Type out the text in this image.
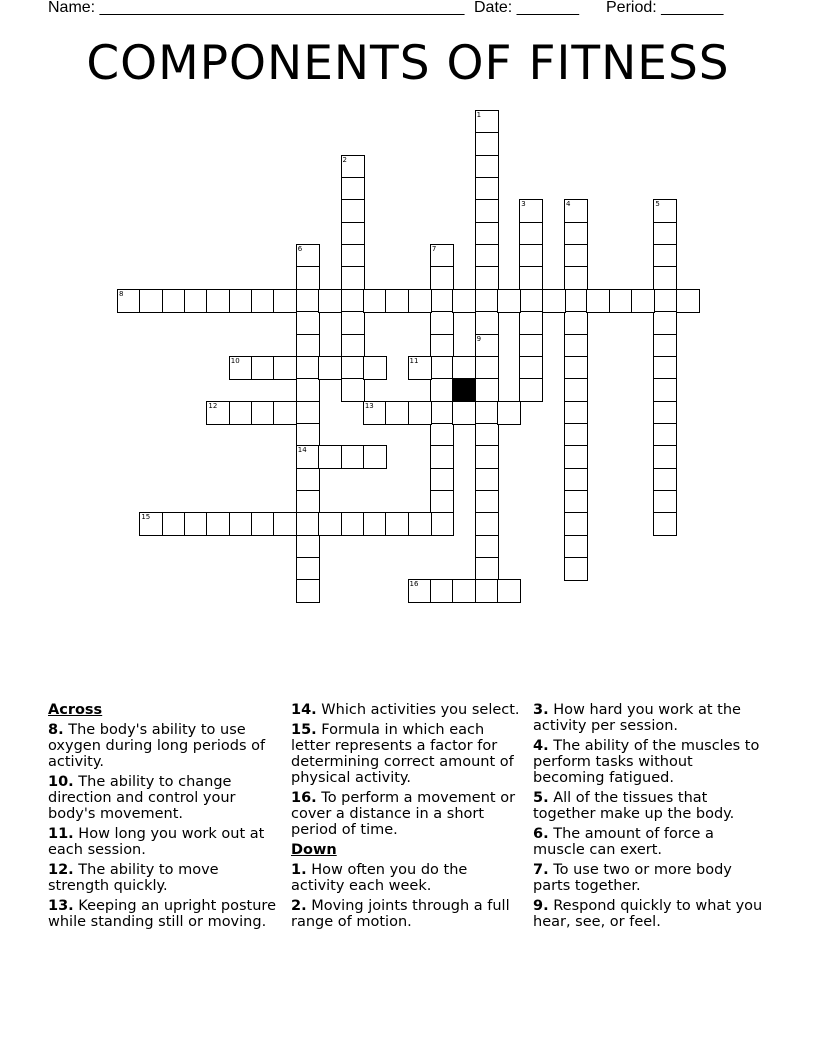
Name: _________________________________________ Date: _______ Period: _______
COMPONENTS OF FITNESS
1
2
3	4	5
6
14
7
8
9
10	11
12	13
15
16
Across
8. The body's ability to use oxygen during long periods of activity.
10. The ability to change direction and control your body's movement.
11. How long you work out at each session.
12. The ability to move strength quickly.
13. Keeping an upright posture while standing still or moving.
14. Which activities you select.
15. Formula in which each letter represents a factor for determining correct amount of physical activity.
16. To perform a movement or cover a distance in a short period of time.
Down
1. How often you do the activity each week.
2. Moving joints through a full range of motion.
3. How hard you work at the activity per session.
4. The ability of the muscles to perform tasks without becoming fatigued.
5. All of the tissues that together make up the body.
6. The amount of force a muscle can exert.
7. To use two or more body parts together.
9. Respond quickly to what you hear, see, or feel.
